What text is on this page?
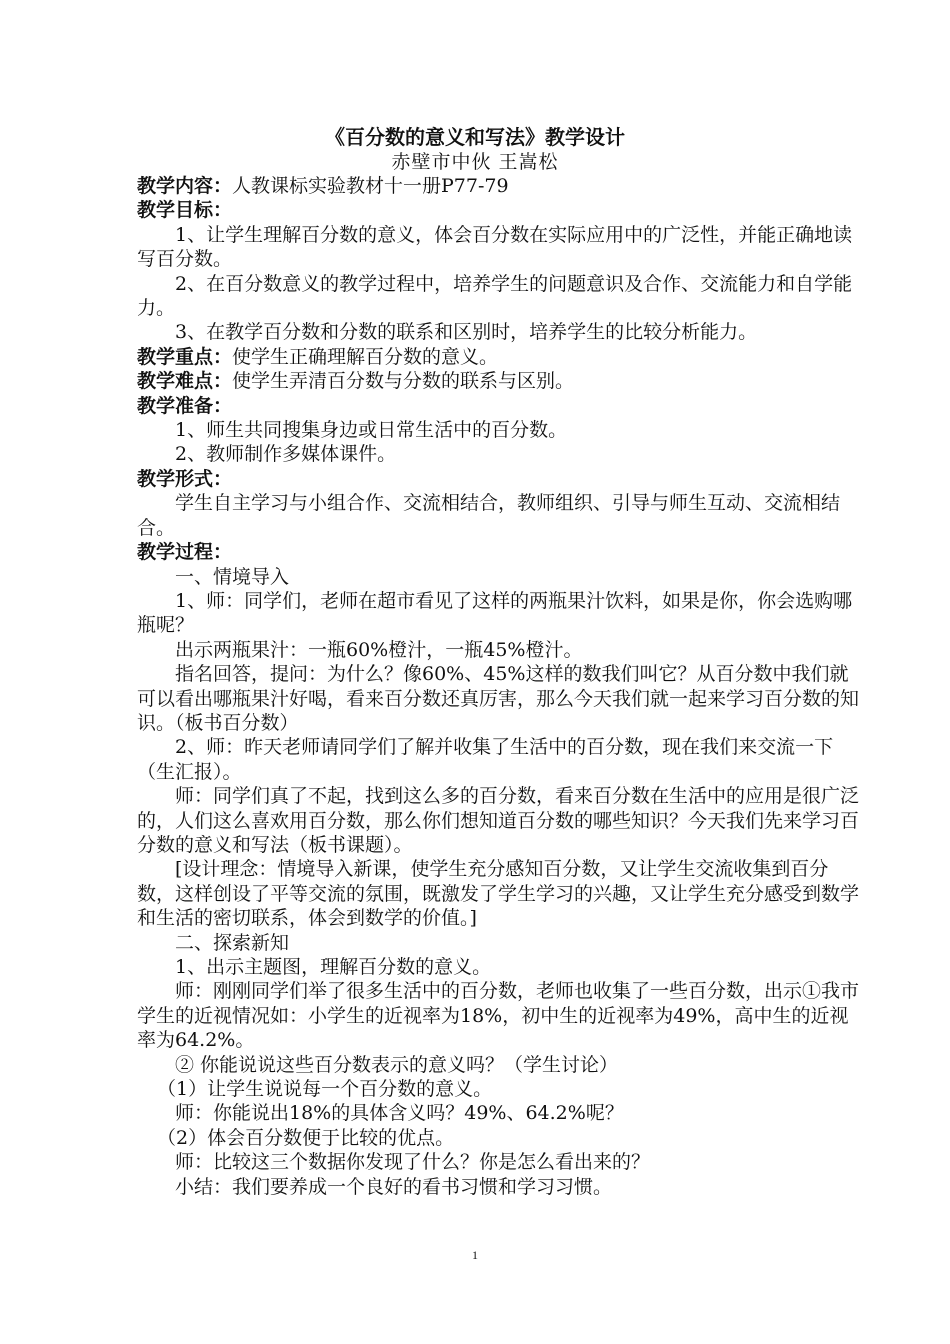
《百分数的意义和写法》教学设计
赤壁市中伙 王嵩松

教学内容：人教课标实验教材十一册P77-79

教学目标：

1、让学生理解百分数的意义，体会百分数在实际应用中的广泛性，并能正确地读写百分数。

2、在百分数意义的教学过程中，培养学生的问题意识及合作、交流能力和自学能力。

3、在教学百分数和分数的联系和区别时，培养学生的比较分析能力。

教学重点：使学生正确理解百分数的意义。

教学难点：使学生弄清百分数与分数的联系与区别。

教学准备：

1、师生共同搜集身边或日常生活中的百分数。

2、教师制作多媒体课件。

教学形式：

学生自主学习与小组合作、交流相结合，教师组织、引导与师生互动、交流相结合。

教学过程：

一、情境导入

1、师：同学们，老师在超市看见了这样的两瓶果汁饮料，如果是你，你会选购哪瓶呢？

出示两瓶果汁：一瓶60%橙汁，一瓶45%橙汁。

指名回答，提问：为什么？像60%、45%这样的数我们叫它？从百分数中我们就可以看出哪瓶果汁好喝，看来百分数还真厉害，那么今天我们就一起来学习百分数的知识。（板书百分数）

2、师：昨天老师请同学们了解并收集了生活中的百分数，现在我们来交流一下（生汇报）。

师：同学们真了不起，找到这么多的百分数，看来百分数在生活中的应用是很广泛的，人们这么喜欢用百分数，那么你们想知道百分数的哪些知识？今天我们先来学习百分数的意义和写法（板书课题）。

[设计理念：情境导入新课，使学生充分感知百分数，又让学生交流收集到百分数，这样创设了平等交流的氛围，既激发了学生学习的兴趣，又让学生充分感受到数学和生活的密切联系，体会到数学的价值。]

二、探索新知

1、出示主题图，理解百分数的意义。

师：刚刚同学们举了很多生活中的百分数，老师也收集了一些百分数，出示①我市学生的近视情况如：小学生的近视率为18%，初中生的近视率为49%，高中生的近视率为64.2%。

② 你能说说这些百分数表示的意义吗？（学生讨论）

（1）让学生说说每一个百分数的意义。

师：你能说出18%的具体含义吗？49%、64.2%呢？

（2）体会百分数便于比较的优点。

师：比较这三个数据你发现了什么？你是怎么看出来的？

小结：我们要养成一个良好的看书习惯和学习习惯。

1
